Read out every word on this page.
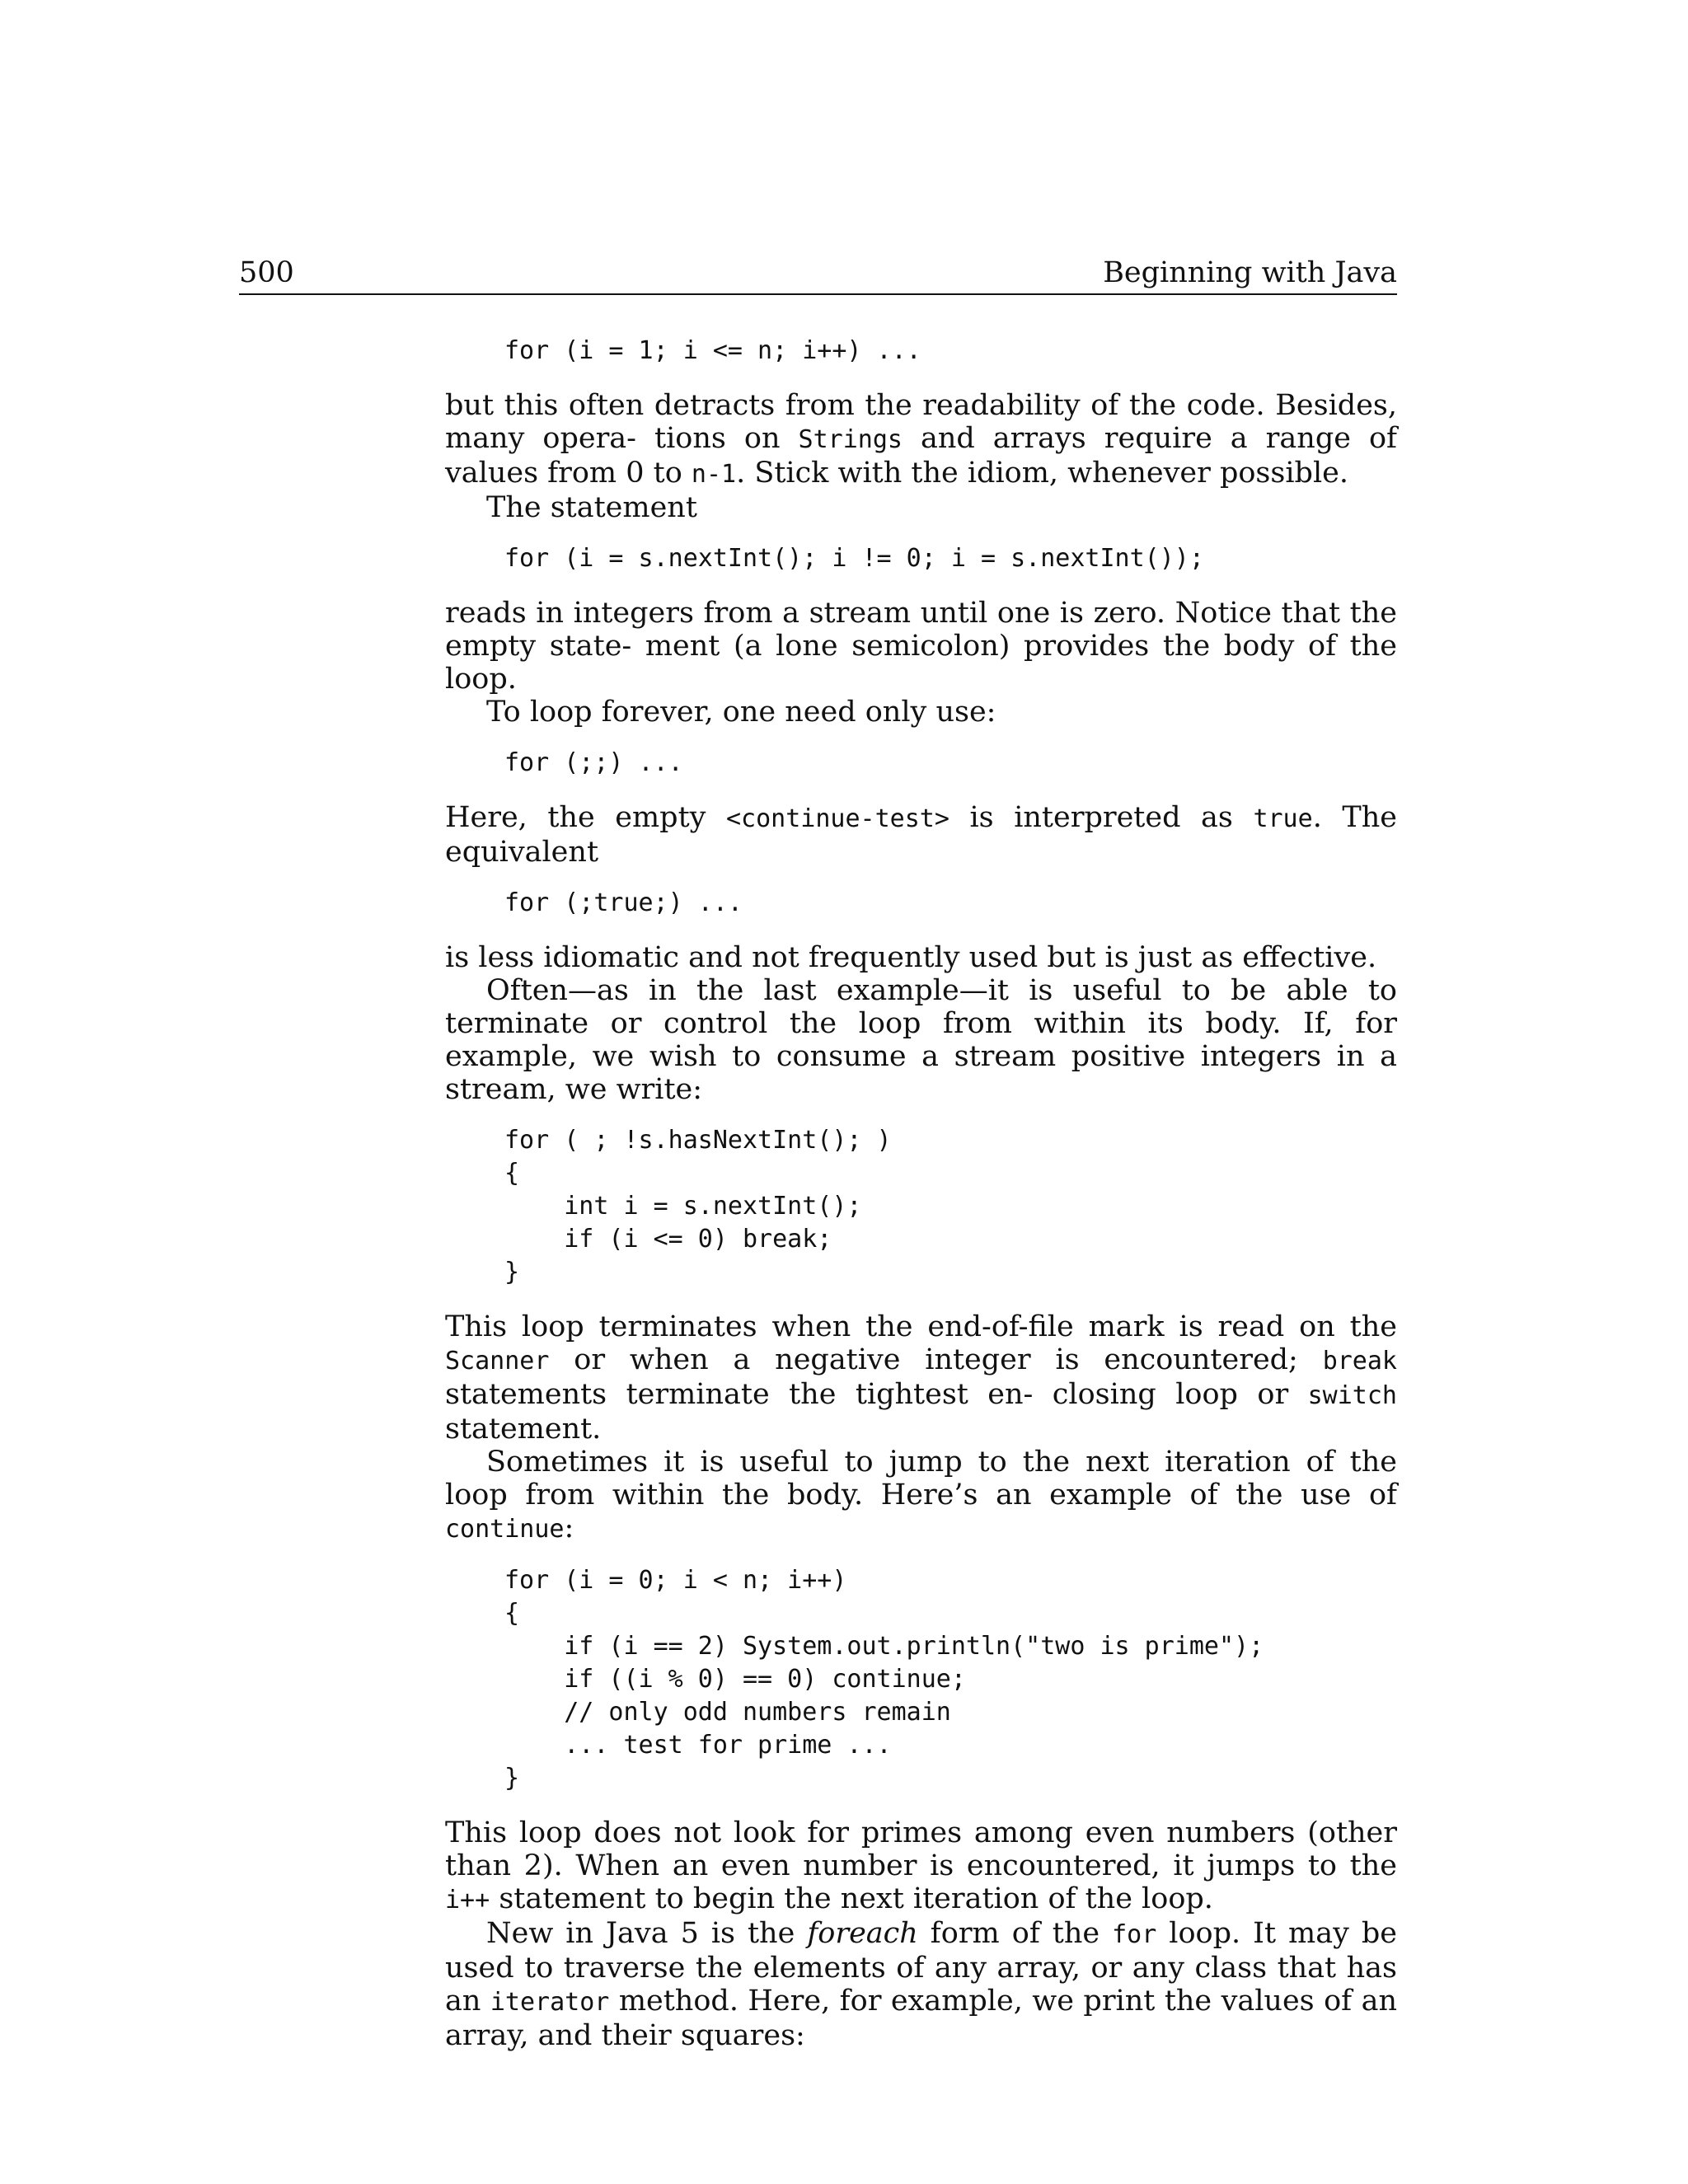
500	Beginning with Java
for (i = 1; i <= n; i++) ...

but this often detracts from the readability of the code. Besides, many opera- tions on Strings and arrays require a range of values from 0 to n-1. Stick with the idiom, whenever possible.

The statement

for (i = s.nextInt(); i != 0; i = s.nextInt());

reads in integers from a stream until one is zero. Notice that the empty state- ment (a lone semicolon) provides the body of the loop.

To loop forever, one need only use:

for (;;) ...

Here, the empty <continue-test> is interpreted as true. The equivalent

for (;true;) ...

is less idiomatic and not frequently used but is just as effective.

Often—as in the last example—it is useful to be able to terminate or control the loop from within its body. If, for example, we wish to consume a stream positive integers in a stream, we write:

for ( ; !s.hasNextInt(); )
{
int i = s.nextInt();
if (i <= 0) break;
}

This loop terminates when the end-of-file mark is read on the Scanner or when a negative integer is encountered; break statements terminate the tightest en- closing loop or switch statement.

Sometimes it is useful to jump to the next iteration of the loop from within the body. Here’s an example of the use of continue:

for (i = 0; i < n; i++)
{
if (i == 2) System.out.println("two is prime");
if ((i % 0) == 0) continue;
// only odd numbers remain
... test for prime ...
}

This loop does not look for primes among even numbers (other than 2). When an even number is encountered, it jumps to the i++ statement to begin the next iteration of the loop.

New in Java 5 is the foreach form of the for loop. It may be used to traverse the elements of any array, or any class that has an iterator method. Here, for example, we print the values of an array, and their squares:
